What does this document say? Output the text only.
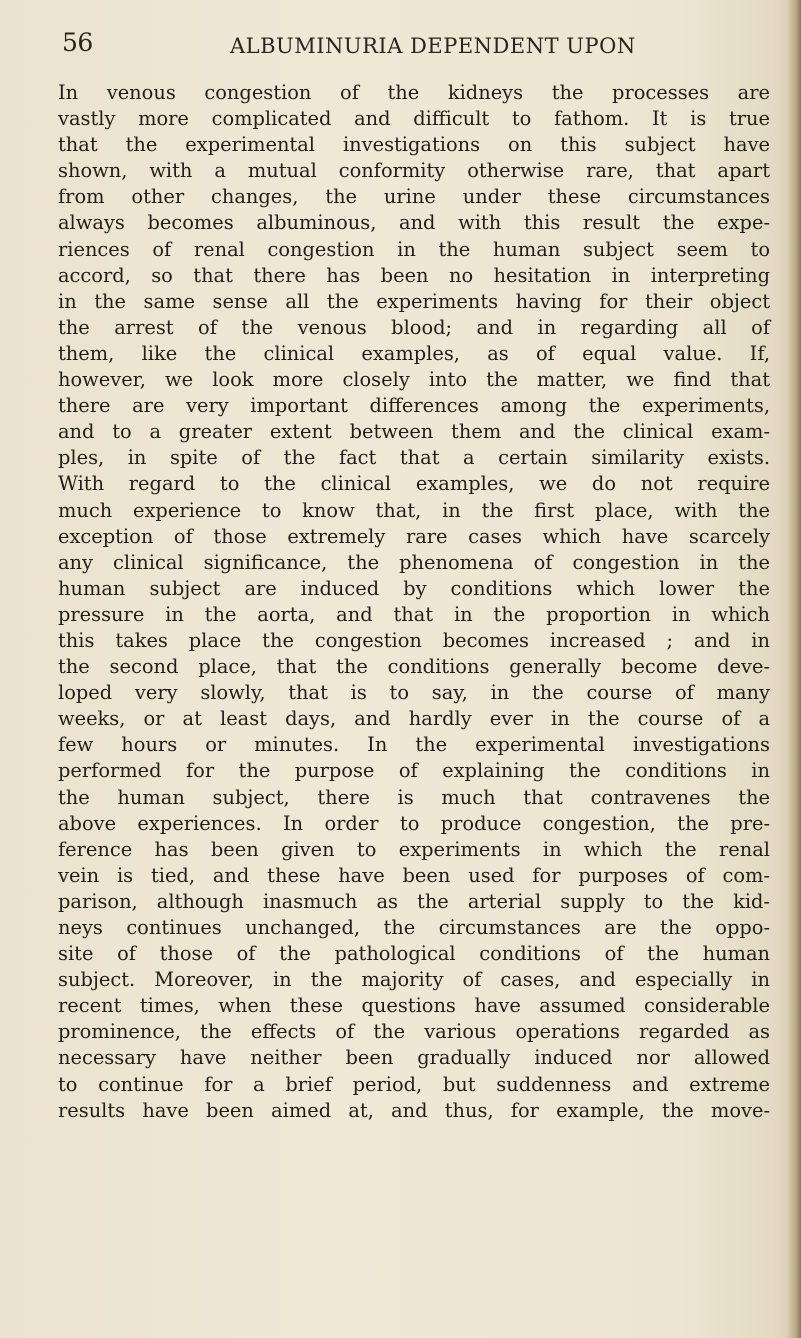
56	ALBUMINURIA DEPENDENT UPON
In venous congestion of the kidneys the processes are
vastly more complicated and difficult to fathom. It is true
that the experimental investigations on this subject have
shown, with a mutual conformity otherwise rare, that apart
from other changes, the urine under these circumstances
always becomes albuminous, and with this result the expe-
riences of renal congestion in the human subject seem to
accord, so that there has been no hesitation in interpreting
in the same sense all the experiments having for their object
the arrest of the venous blood; and in regarding all of
them, like the clinical examples, as of equal value. If,
however, we look more closely into the matter, we find that
there are very important differences among the experiments,
and to a greater extent between them and the clinical exam-
ples, in spite of the fact that a certain similarity exists.
With regard to the clinical examples, we do not require
much experience to know that, in the first place, with the
exception of those extremely rare cases which have scarcely
any clinical significance, the phenomena of congestion in the
human subject are induced by conditions which lower the
pressure in the aorta, and that in the proportion in which
this takes place the congestion becomes increased ; and in
the second place, that the conditions generally become deve-
loped very slowly, that is to say, in the course of many
weeks, or at least days, and hardly ever in the course of a
few hours or minutes. In the experimental investigations
performed for the purpose of explaining the conditions in
the human subject, there is much that contravenes the
above experiences. In order to produce congestion, the pre-
ference has been given to experiments in which the renal
vein is tied, and these have been used for purposes of com-
parison, although inasmuch as the arterial supply to the kid-
neys continues unchanged, the circumstances are the oppo-
site of those of the pathological conditions of the human
subject. Moreover, in the majority of cases, and especially in
recent times, when these questions have assumed considerable
prominence, the effects of the various operations regarded as
necessary have neither been gradually induced nor allowed
to continue for a brief period, but suddenness and extreme
results have been aimed at, and thus, for example, the move-
